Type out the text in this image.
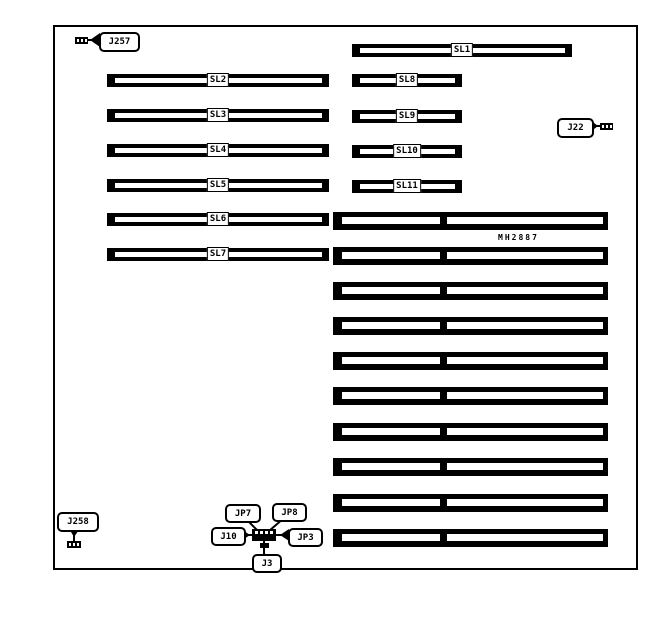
SL1
SL2
SL3
SL4
SL5
SL6
SL7
SL8
SL9
SL10
SL11
MH2887
J257
J22
J258
JP7	JP8
J10	JP3
J3
